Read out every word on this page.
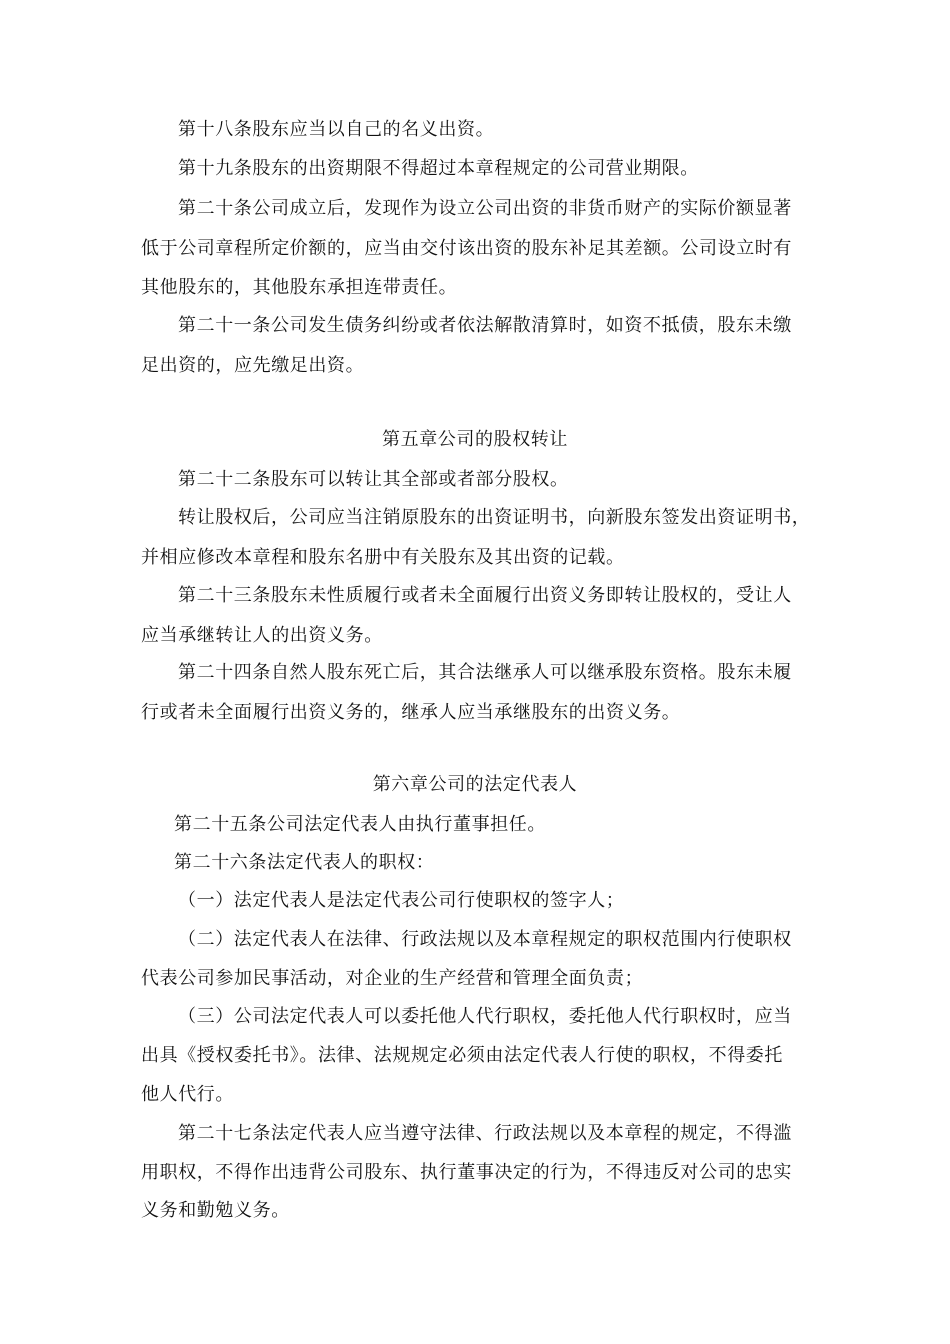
第十八条股东应当以自己的名义出资。
第十九条股东的出资期限不得超过本章程规定的公司营业期限。
第二十条公司成立后，发现作为设立公司出资的非货币财产的实际价额显著
低于公司章程所定价额的，应当由交付该出资的股东补足其差额。公司设立时有
其他股东的，其他股东承担连带责任。
第二十一条公司发生债务纠纷或者依法解散清算时，如资不抵债，股东未缴
足出资的，应先缴足出资。
第五章公司的股权转让
第二十二条股东可以转让其全部或者部分股权。
转让股权后，公司应当注销原股东的出资证明书，向新股东签发出资证明书，
并相应修改本章程和股东名册中有关股东及其出资的记载。
第二十三条股东未性质履行或者未全面履行出资义务即转让股权的，受让人
应当承继转让人的出资义务。
第二十四条自然人股东死亡后，其合法继承人可以继承股东资格。股东未履
行或者未全面履行出资义务的，继承人应当承继股东的出资义务。
第六章公司的法定代表人
第二十五条公司法定代表人由执行董事担任。
第二十六条法定代表人的职权：
（一）法定代表人是法定代表公司行使职权的签字人；
（二）法定代表人在法律、行政法规以及本章程规定的职权范围内行使职权
代表公司参加民事活动，对企业的生产经营和管理全面负责；
（三）公司法定代表人可以委托他人代行职权，委托他人代行职权时，应当
出具《授权委托书》。法律、法规规定必须由法定代表人行使的职权，不得委托
他人代行。
第二十七条法定代表人应当遵守法律、行政法规以及本章程的规定，不得滥
用职权，不得作出违背公司股东、执行董事决定的行为，不得违反对公司的忠实
义务和勤勉义务。
